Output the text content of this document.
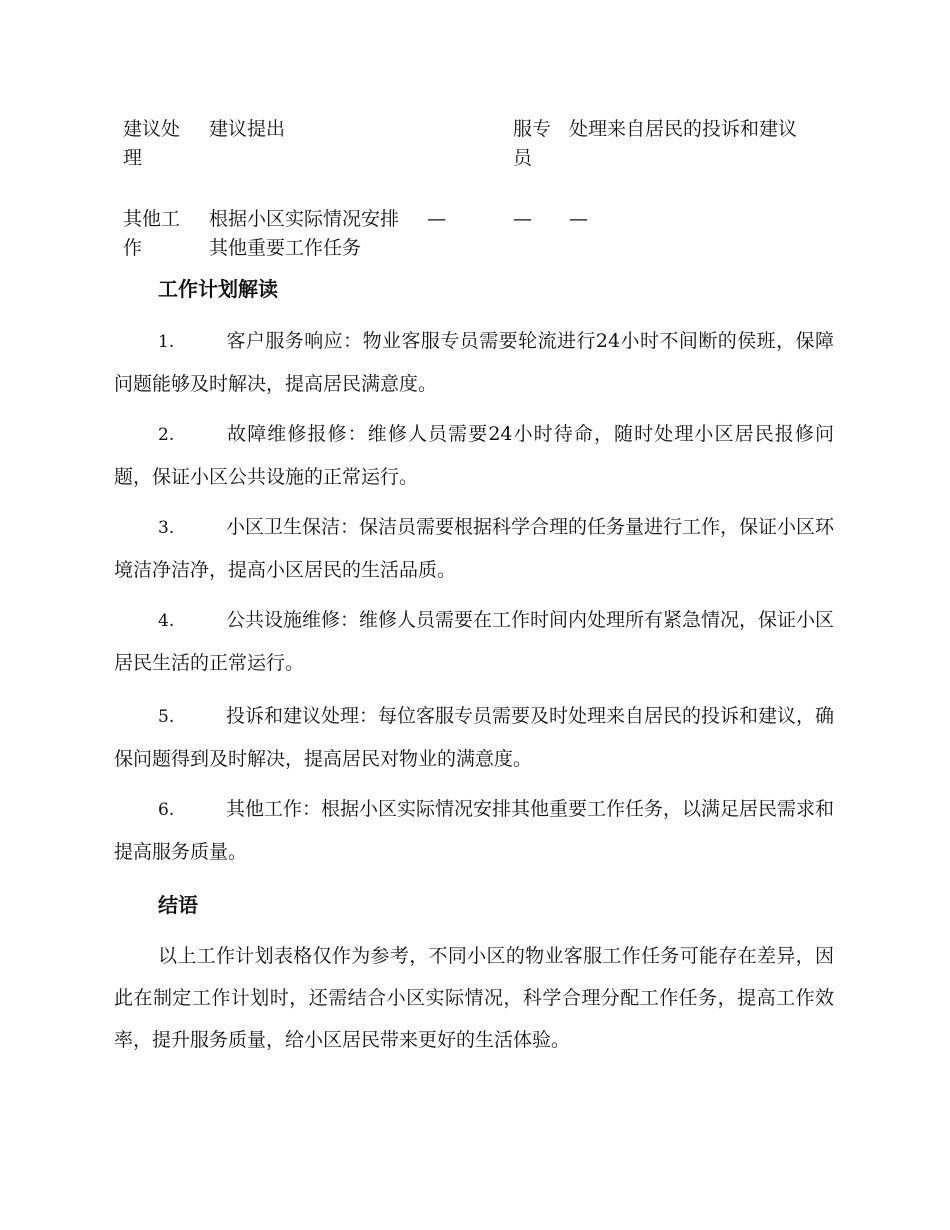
建议处理	建议提出		服专员	处理来自居民的投诉和建议
其他工作	根据小区实际情况安排其他重要工作任务	—	—	—
工作计划解读
1.	客户服务响应：物业客服专员需要轮流进行24小时不间断的侯班，保障问题能够及时解决，提高居民满意度。
2.	故障维修报修：维修人员需要24小时待命，随时处理小区居民报修问题，保证小区公共设施的正常运行。
3.	小区卫生保洁：保洁员需要根据科学合理的任务量进行工作，保证小区环境洁净洁净，提高小区居民的生活品质。
4.	公共设施维修：维修人员需要在工作时间内处理所有紧急情况，保证小区居民生活的正常运行。
5.	投诉和建议处理：每位客服专员需要及时处理来自居民的投诉和建议，确保问题得到及时解决，提高居民对物业的满意度。
6.	其他工作：根据小区实际情况安排其他重要工作任务，以满足居民需求和提高服务质量。
结语
以上工作计划表格仅作为参考，不同小区的物业客服工作任务可能存在差异，因此在制定工作计划时，还需结合小区实际情况，科学合理分配工作任务，提高工作效率，提升服务质量，给小区居民带来更好的生活体验。
